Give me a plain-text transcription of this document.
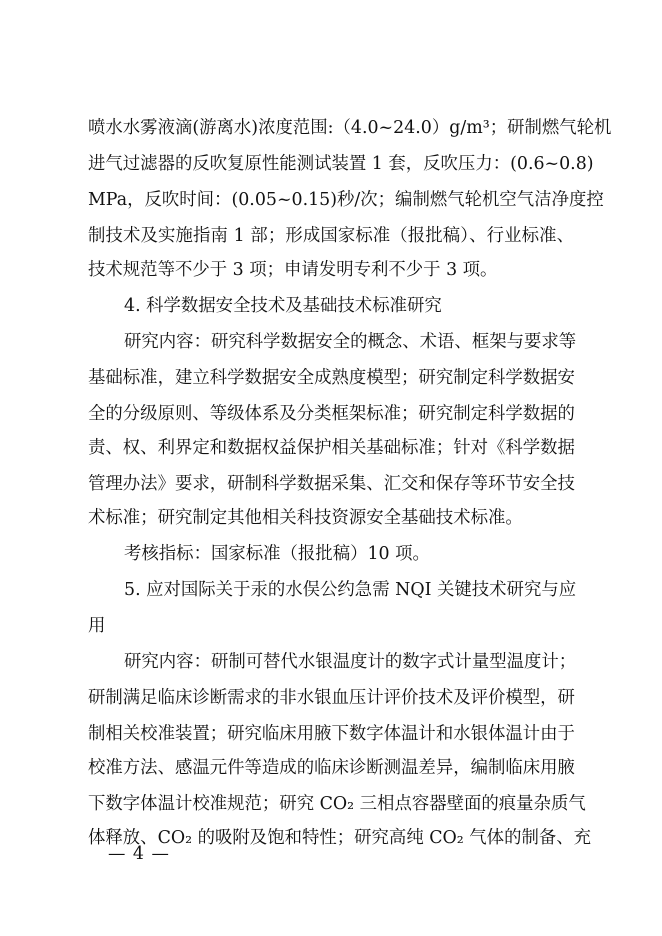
喷水水雾液滴(游离水)浓度范围:（4.0~24.0）g/m³；研制燃气轮机
进气过滤器的反吹复原性能测试装置 1 套，反吹压力：(0.6~0.8)
MPa，反吹时间：(0.05~0.15)秒/次；编制燃气轮机空气洁净度控
制技术及实施指南 1 部；形成国家标准（报批稿）、行业标准、
技术规范等不少于 3 项；申请发明专利不少于 3 项。
4. 科学数据安全技术及基础技术标准研究
研究内容：研究科学数据安全的概念、术语、框架与要求等
基础标准，建立科学数据安全成熟度模型；研究制定科学数据安
全的分级原则、等级体系及分类框架标准；研究制定科学数据的
责、权、利界定和数据权益保护相关基础标准；针对《科学数据
管理办法》要求，研制科学数据采集、汇交和保存等环节安全技
术标准；研究制定其他相关科技资源安全基础技术标准。
考核指标：国家标准（报批稿）10 项。
5. 应对国际关于汞的水俣公约急需 NQI 关键技术研究与应
用
研究内容：研制可替代水银温度计的数字式计量型温度计；
研制满足临床诊断需求的非水银血压计评价技术及评价模型，研
制相关校准装置；研究临床用腋下数字体温计和水银体温计由于
校准方法、感温元件等造成的临床诊断测温差异，编制临床用腋
下数字体温计校准规范；研究 CO₂ 三相点容器壁面的痕量杂质气
体释放、CO₂ 的吸附及饱和特性；研究高纯 CO₂ 气体的制备、充
— 4 —
